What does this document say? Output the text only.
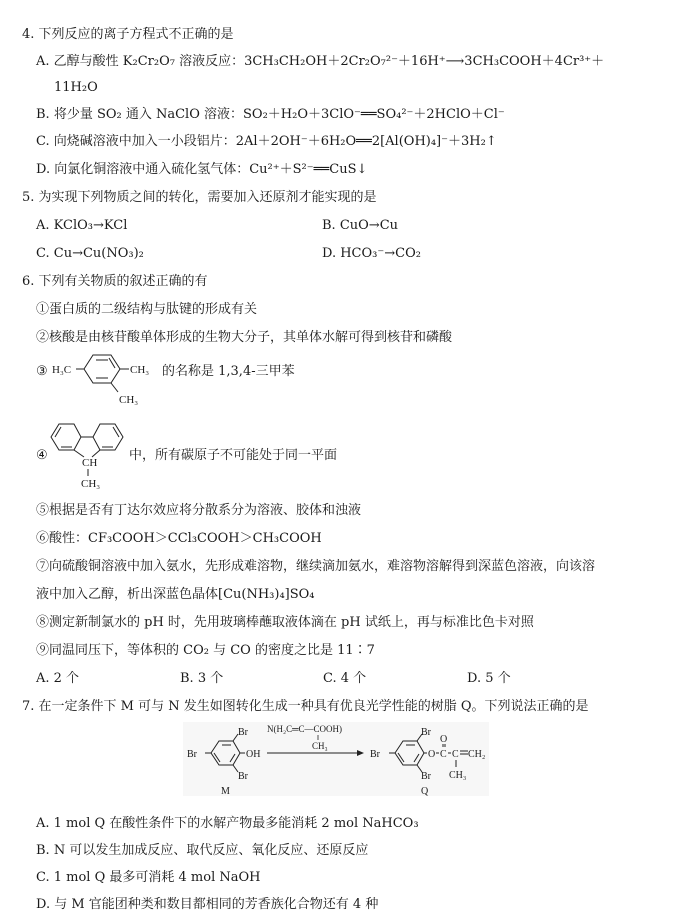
4. 下列反应的离子方程式不正确的是
A. 乙醇与酸性 K₂Cr₂O₇ 溶液反应：3CH₃CH₂OH＋2Cr₂O₇²⁻＋16H⁺⟶3CH₃COOH＋4Cr³⁺＋
11H₂O
B. 将少量 SO₂ 通入 NaClO 溶液：SO₂＋H₂O＋3ClO⁻══SO₄²⁻＋2HClO＋Cl⁻
C. 向烧碱溶液中加入一小段铝片：2Al＋2OH⁻＋6H₂O══2[Al(OH)₄]⁻＋3H₂↑
D. 向氯化铜溶液中通入硫化氢气体：Cu²⁺＋S²⁻══CuS↓
5. 为实现下列物质之间的转化，需要加入还原剂才能实现的是
A. KClO₃→KCl	B. CuO→Cu
C. Cu→Cu(NO₃)₂	D. HCO₃⁻→CO₂
6. 下列有关物质的叙述正确的有
①蛋白质的二级结构与肽键的形成有关
②核酸是由核苷酸单体形成的生物大分子，其单体水解可得到核苷和磷酸
③ H₃C	CH₃
CH₃
的名称是 1,3,4-三甲苯
④	CH
CH₃
中，所有碳原子不可能处于同一平面
⑤根据是否有丁达尔效应将分散系分为溶液、胶体和浊液
⑥酸性：CF₃COOH＞CCl₃COOH＞CH₃COOH
⑦向硫酸铜溶液中加入氨水，先形成难溶物，继续滴加氨水，难溶物溶解得到深蓝色溶液，向该溶
液中加入乙醇，析出深蓝色晶体[Cu(NH₃)₄]SO₄
⑧测定新制氯水的 pH 时，先用玻璃棒蘸取液体滴在 pH 试纸上，再与标准比色卡对照
⑨同温同压下，等体积的 CO₂ 与 CO 的密度之比是 11∶7
A. 2 个	B. 3 个	C. 4 个	D. 5 个
7. 在一定条件下 M 可与 N 发生如图转化生成一种具有优良光学性能的树脂 Q。下列说法正确的是
Br
OH
Br
Br
M
N(H₂C═C—COOH)
CH₃
Br
Br
Br
O C
O
C CH₂
CH₃
Q
A. 1 mol Q 在酸性条件下的水解产物最多能消耗 2 mol NaHCO₃
B. N 可以发生加成反应、取代反应、氧化反应、还原反应
C. 1 mol Q 最多可消耗 4 mol NaOH
D. 与 M 官能团种类和数目都相同的芳香族化合物还有 4 种
